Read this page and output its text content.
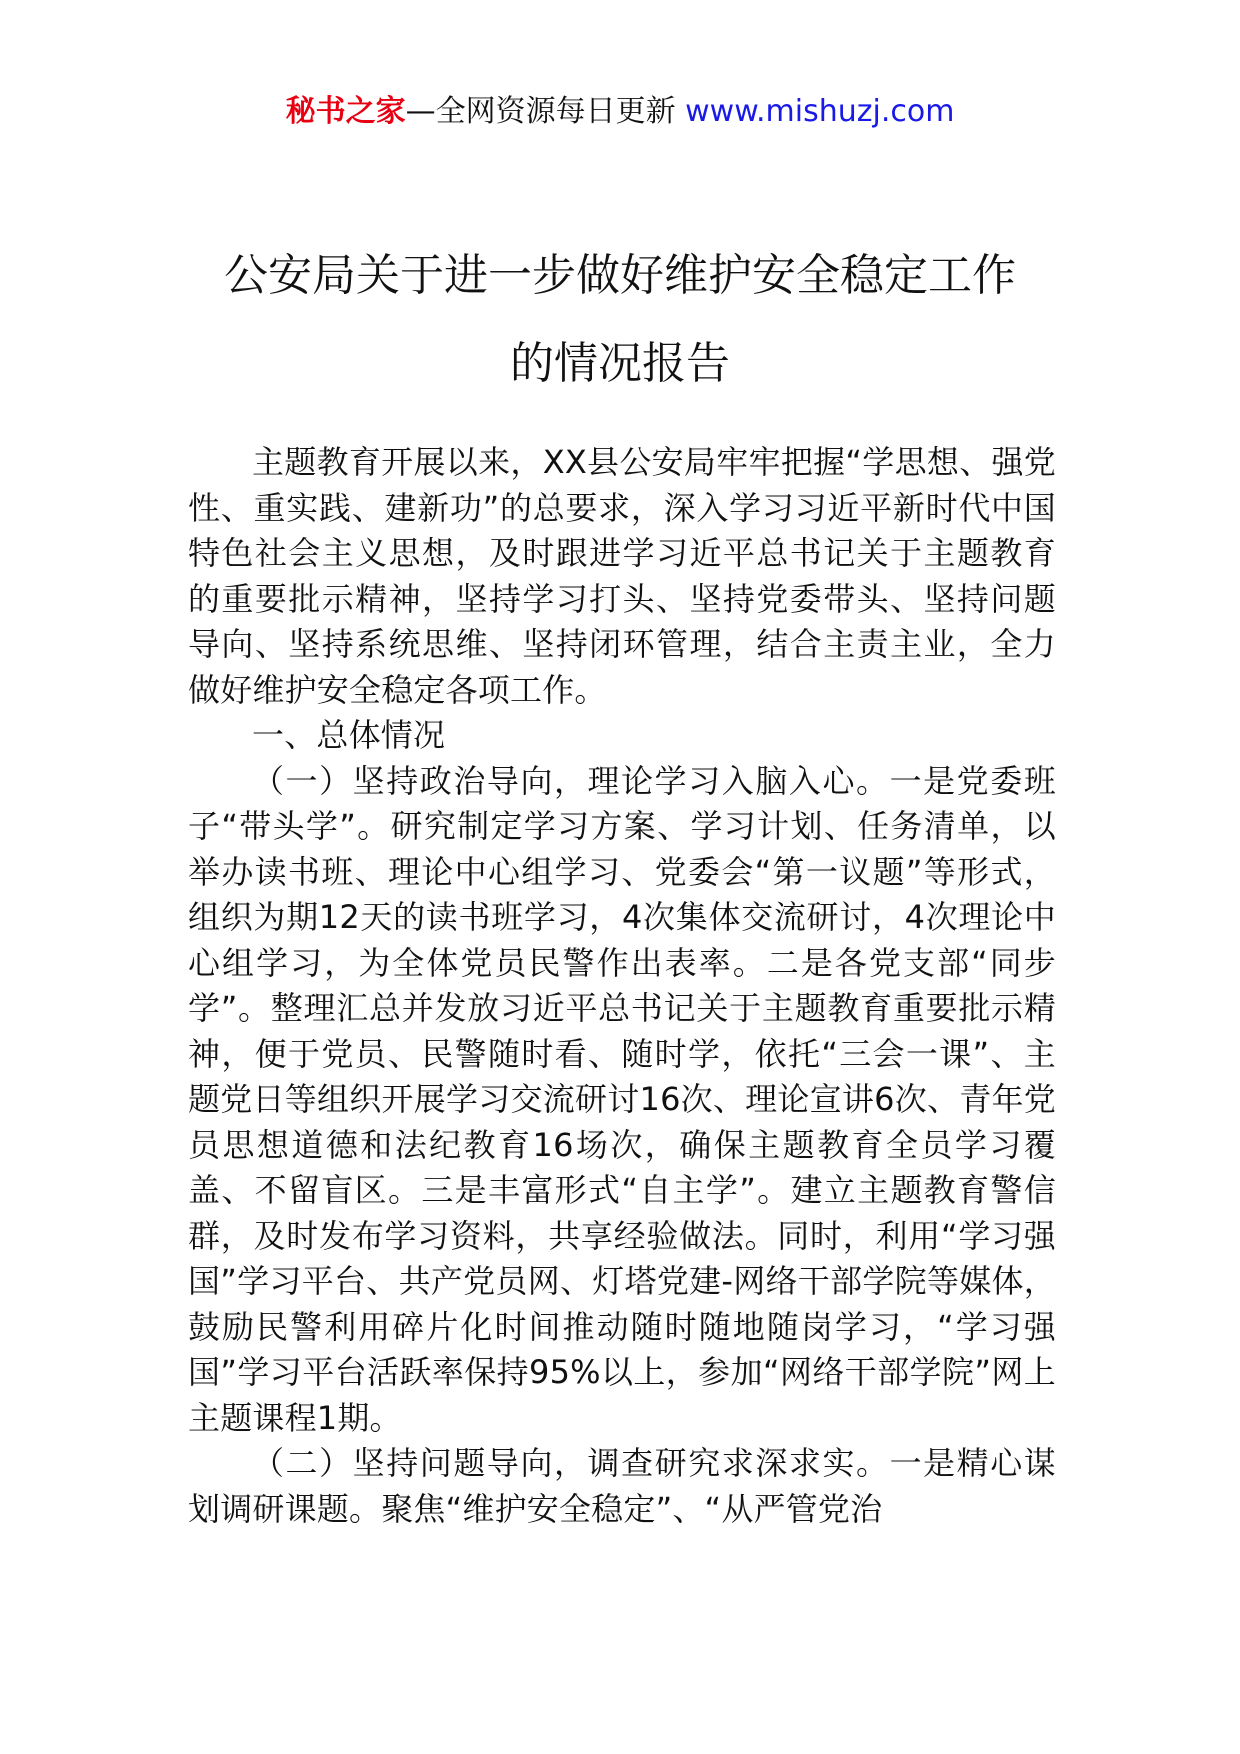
秘书之家—全网资源每日更新 www.mishuzj.com
公安局关于进一步做好维护安全稳定工作
的情况报告

主题教育开展以来，XX县公安局牢牢把握“学思想、强党性、重实践、建新功”的总要求，深入学习习近平新时代中国特色社会主义思想，及时跟进学习近平总书记关于主题教育的重要批示精神，坚持学习打头、坚持党委带头、坚持问题导向、坚持系统思维、坚持闭环管理，结合主责主业，全力做好维护安全稳定各项工作。

一、总体情况

（一）坚持政治导向，理论学习入脑入心。一是党委班子“带头学”。研究制定学习方案、学习计划、任务清单，以举办读书班、理论中心组学习、党委会“第一议题”等形式，组织为期12天的读书班学习，4次集体交流研讨，4次理论中心组学习，为全体党员民警作出表率。二是各党支部“同步学”。整理汇总并发放习近平总书记关于主题教育重要批示精神，便于党员、民警随时看、随时学，依托“三会一课”、主题党日等组织开展学习交流研讨16次、理论宣讲6次、青年党员思想道德和法纪教育16场次，确保主题教育全员学习覆盖、不留盲区。三是丰富形式“自主学”。建立主题教育警信群，及时发布学习资料，共享经验做法。同时，利用“学习强国”学习平台、共产党员网、灯塔党建-网络干部学院等媒体，鼓励民警利用碎片化时间推动随时随地随岗学习，“学习强国”学习平台活跃率保持95%以上，参加“网络干部学院”网上主题课程1期。

（二）坚持问题导向，调查研究求深求实。一是精心谋划调研课题。聚焦“维护安全稳定”、“从严管党治
